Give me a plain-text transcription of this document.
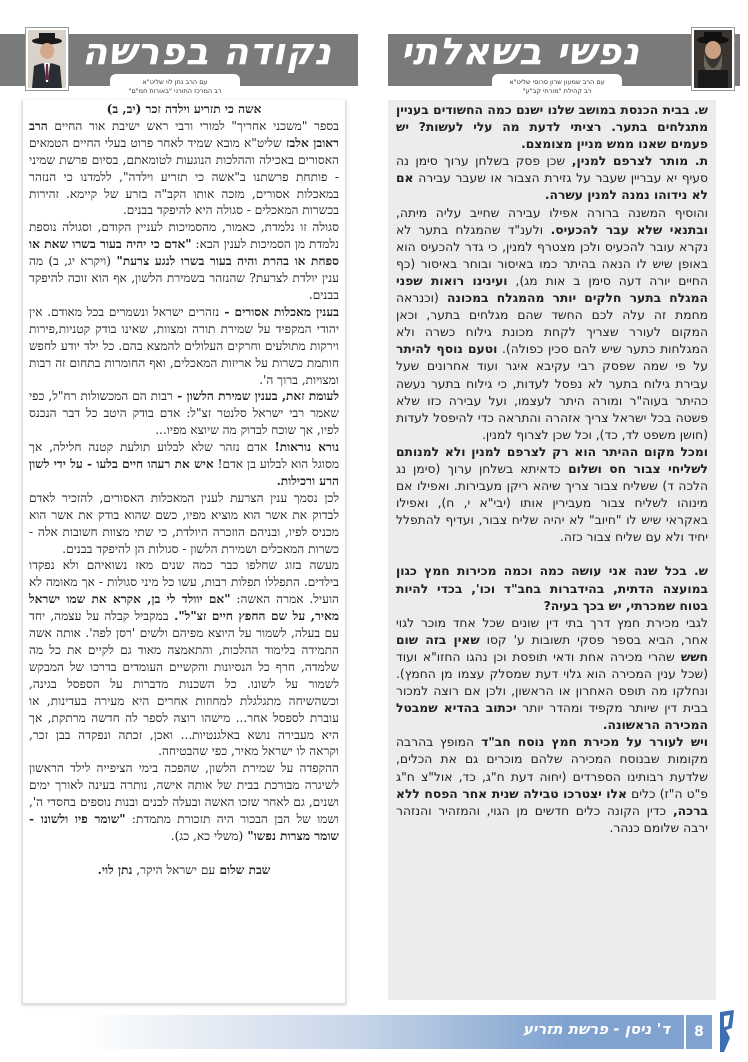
נפשי בשאלתי
עם הרב שמעון שרון סרוסי שליט"א
רב קהילת "מורתי קב"ע"

ש. בבית הכנסת במושב שלנו ישנם כמה החשודים בעניין מתגלחים בתער. רציתי לדעת מה עלי לעשות? יש פעמים שאנו ממש מניין מצומצם.

ת. מותר לצרפם למנין, שכן פסק בשלחן ערוך סימן נה סעיף יא עבריין שעבר על גזירת הצבור או שעבר עבירה אם לא נידוהו נמנה למנין עשרה.

והוסיף המשנה ברורה אפילו עבירה שחייב עליה מיתה, ובתנאי שלא עבר להכעיס. ולענ"ד שהמגלח בתער לא נקרא עובר להכעיס ולכן מצטרף למנין, כי גדר להכעיס הוא באופן שיש לו הנאה בהיתר כמו באיסור ובוחר באיסור (כף החיים יורה דעה סימן ב אות מג), ועינינו רואות שפני המגלח בתער חלקים יותר מהמגלח במכונה (וכנראה מחמת זה עלה לכם החשד שהם מגלחים בתער, וכאן המקום לעורר שצריך לקחת מכונת גילוח כשרה ולא המגלחות כתער שיש להם סכין כפולה). וטעם נוסף להיתר על פי שמה שפסק רבי עקיבא איגר ועוד אחרונים שעל עבירת גילוח בתער לא נפסל לעדות, כי גילוח בתער נעשה כהיתר בעוה"ר ומורה היתר לעצמו, ועל עבירה כזו שלא פשטה בכל ישראל צריך אזהרה והתראה כדי להיפסל לעדות (חושן משפט לד, כד), וכל שכן לצרוף למנין.

ומכל מקום ההיתר הוא רק לצרפם למנין ולא למנותם לשליחי צבור חס ושלום כדאיתא בשלחן ערוך (סימן נג הלכה ד) ששליח צבור צריך שיהא ריקן מעבירות. ואפילו אם מינוהו לשליח צבור מעבירין אותו (יבי"א י, ח), ואפילו באקראי שיש לו "חיוב" לא יהיה שליח צבור, ועדיף להתפלל יחיד ולא עם שליח צבור כזה.

ש. בכל שנה אני עושה כמה וכמה מכירות חמץ כגון במועצה הדתית, בהידברות בחב"ד וכו', בכדי להיות בטוח שמכרתי, יש בכך בעיה?

לגבי מכירת חמץ דרך בתי דין שונים שכל אחד מוכר לגוי אחר, הביא בספר פסקי תשובות ע' קסו שאין בזה שום חשש שהרי מכירה אחת ודאי תופסת וכן נהגו החזו"א ועוד (שכל ענין המכירה הוא גלוי דעת שמסלק עצמו מן החמץ). ונחלקו מה תופס האחרון או הראשון, ולכן אם רוצה למכור בבית דין שיותר מקפיד ומהדר יותר יכתוב בהדיא שמבטל המכירה הראשונה.

ויש לעורר על מכירת חמץ נוסח חב"ד המופץ בהרבה מקומות שבנוסח המכירה שלהם מוכרים גם את הכלים, שלדעת רבותינו הספרדים (יחוה דעת ח"ג, כד, אול"צ ח"ג פ"ט ה"ז) כלים אלו יצטרכו טבילה שנית אחר הפסח ללא ברכה, כדין הקונה כלים חדשים מן הגוי, והמזהיר והנזהר ירבה שלומם כנהר.

נקודה בפרשה
עם הרב נתן לוי שליט"א
רב המרכז התורני "באורות חמ"ם"

אשה כי תזריע וילדה זכר (יב, ב)

בספר "משכני אחריך" למורי ורבי ראש ישיבת אור החיים הרב ראובן אלבז שליט"א מובא שמיד לאחר פרוט בעלי החיים הטמאים האסורים באכילה וההלכות הנוגעות לטומאתם, בסיום פרשת שמיני - פותחת פרשתנו ב"אשה כי תזריע וילדה", ללמדנו כי הנזהר במאכלות אסורים, מזכה אותו הקב"ה בזרע של קיימא. זהירות בכשרות המאכלים - סגולה היא להיפקד בבנים.

סגולה זו נלמדת, כאמור, מהסמיכות לעניין הקודם, וסגולה נוספת נלמדת מן הסמיכות לענין הבא: "אדם כי יהיה בעור בשרו שאת או ספחת או בהרת והיה בעור בשרו לנגע צרעת" (ויקרא יג, ב) מה ענין יולדת לצרעת? שהנזהר בשמירת הלשון, אף הוא זוכה להיפקד בבנים.

בענין מאכלות אסורים - נזהרים ישראל ונשמרים בכל מאודם. אין יהודי המקפיד על שמירת תורה ומצוות, שאינו בודק קטניות,פירות וירקות מתולעים וחרקים העלולים להמצא בהם. כל ילד יודע לחפש חותמת כשרות על אריזות המאכלים, ואף החומרות בתחום זה רבות ומצויות, ברוך ה'.

לעומת זאת, בענין שמירת הלשון - רבות הם המכשולות רח"ל, כפי שאמר רבי ישראל סלנטר זצ"ל: אדם בודק היטב כל דבר הנכנס לפיו, אך שוכח לבדוק מה שיוצא מפיו...

נורא נוראות! אדם נזהר שלא לבלוע תולעת קטנה חלילה, אך מסוגל הוא לבלוע בן אדם! איש את רעהו חיים בלעו - על ידי לשון הרע ורכילות.

לכן נסמך ענין הצרעת לענין המאכלות האסורים, להזכיר לאדם לבדוק את אשר הוא מוציא מפיו, כשם שהוא בודק את אשר הוא מכניס לפיו, ובניהם הוזכרה היולדת, כי שתי מצוות חשובות אלה - כשרות המאכלים ושמירת הלשון - סגולות הן להיפקד בבנים.

מעשה בזוג שחלפו כבר כמה שנים מאז נשואיהם ולא נפקדו בילדים. התפללו תפלות רבות, עשו כל מיני סגולות - אך מאומה לא הועיל. אמרה האשה: "אם יוולד לי בן, אקרא את שמו ישראל מאיר, על שם החפץ חיים זצ"ל". במקביל קבלה על עצמה, יחד עם בעלה, לשמור על היוצא מפיהם ולשים 'רסן לפה'. אותה אשה התמידה בלימוד ההלכות, והתאמצה מאוד גם לקיים את כל מה שלמדה, חרף כל הנסיונות והקשיים העומדים בדרכו של המבקש לשמור על לשונו. כל השכנות מדברות על הספסל בגינה, וכשהשיחה מתגלגלת למחוזות אחרים היא מעירה בעדינות, או עוברת לספסל אחר... מישהו רוצה לספר לה חדשה מרתקת, אך היא מעבירה נושא באלגנטיות... ואכן, זכתה ונפקדה בבן זכר, וקראה לו ישראל מאיר, כפי שהבטיחה.

ההקפדה על שמירת הלשון, שהפכה בימי הציפייה לילד הראשון לשיגרה מבורכת בבית של אותה אישה, נותרה בעינה לאורך ימים ושנים, גם לאחר שזכו האשה ובעלה לבנים ובנות נוספים בחסדי ה', ושמו של הבן הבכור היה תזכורת מתמדת: "שומר פיו ולשונו - שומר מצרות נפשו" (משלי כא, כג).

שבת שלום עם ישראל היקר, נתן לוי.

ד' ניסן - פרשת תזריע	8
